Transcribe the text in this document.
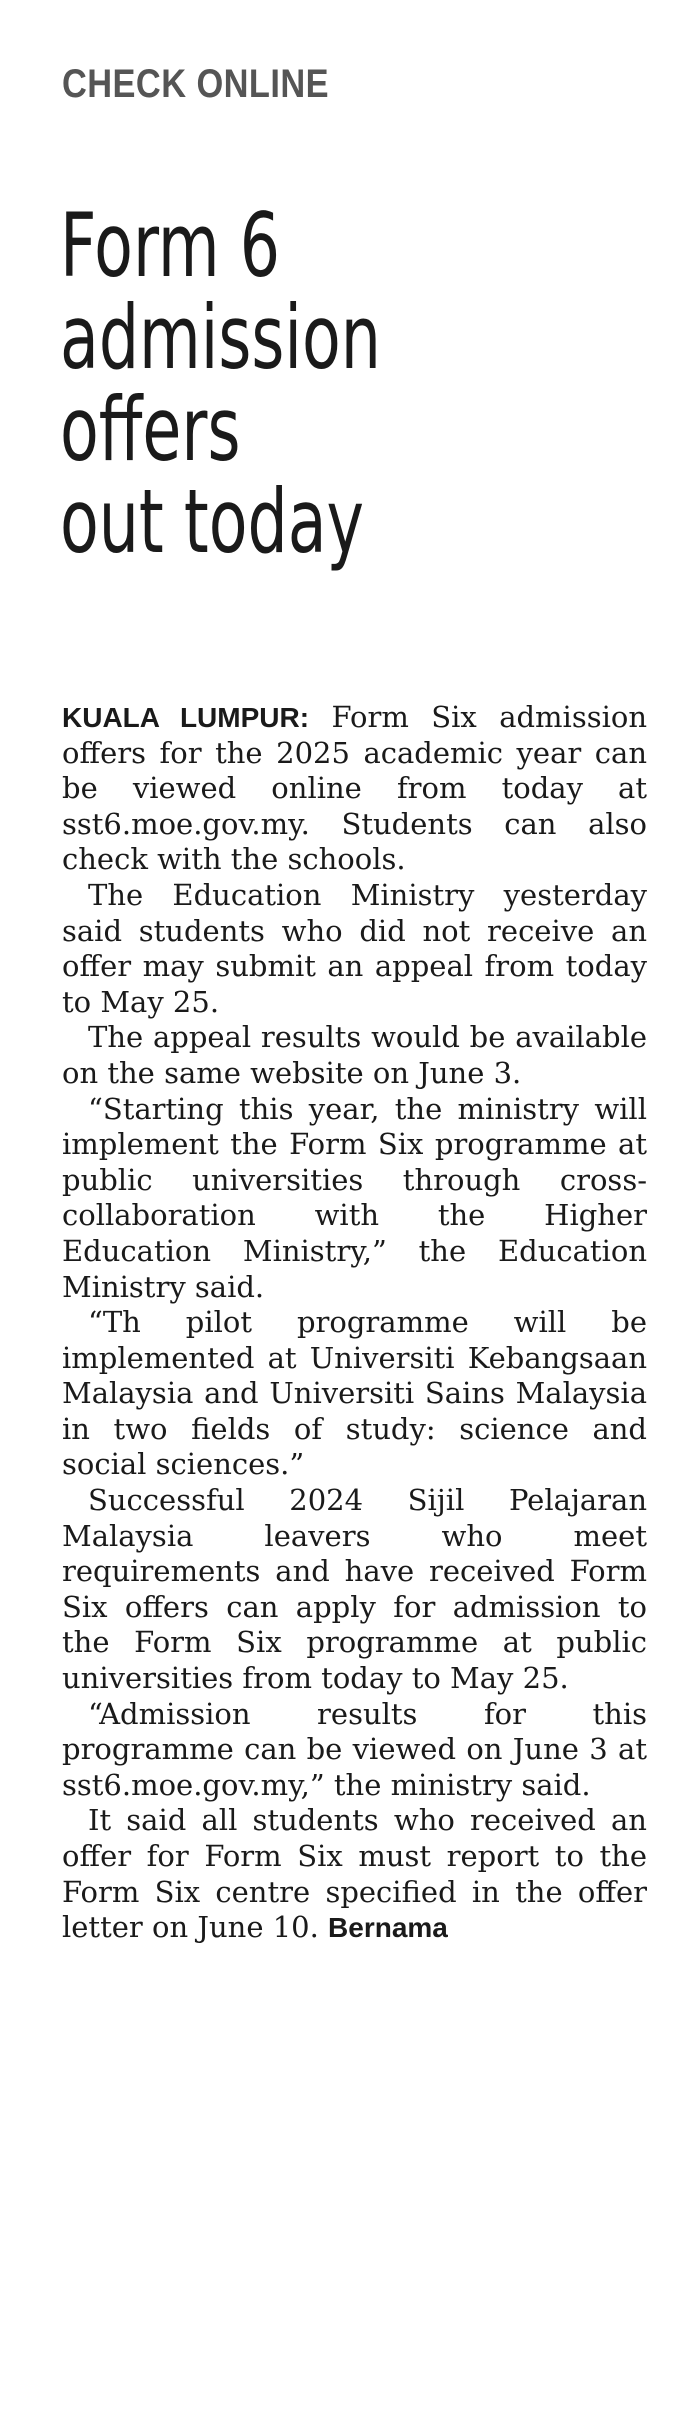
CHECK ONLINE
Form 6
admission
offers
out today

KUALA LUMPUR: Form Six admission offers for the 2025 academic year can be viewed online from today at sst6.moe.gov.my. Students can also check with the schools.

The Education Ministry yesterday said students who did not receive an offer may submit an appeal from today to May 25.

The appeal results would be available on the same website on June 3.

“Starting this year, the ministry will implement the Form Six programme at public universities through cross-collaboration with the Higher Education Ministry,” the Education Ministry said.

“Th pilot programme will be implemented at Universiti Kebangsaan Malaysia and Universiti Sains Malaysia in two fields of study: science and social sciences.”

Successful 2024 Sijil Pelajaran Malaysia leavers who meet requirements and have received Form Six offers can apply for admission to the Form Six programme at public universities from today to May 25.

“Admission results for this programme can be viewed on June 3 at sst6.moe.gov.my,” the ministry said.

It said all students who received an offer for Form Six must report to the Form Six centre specified in the offer letter on June 10. Bernama
